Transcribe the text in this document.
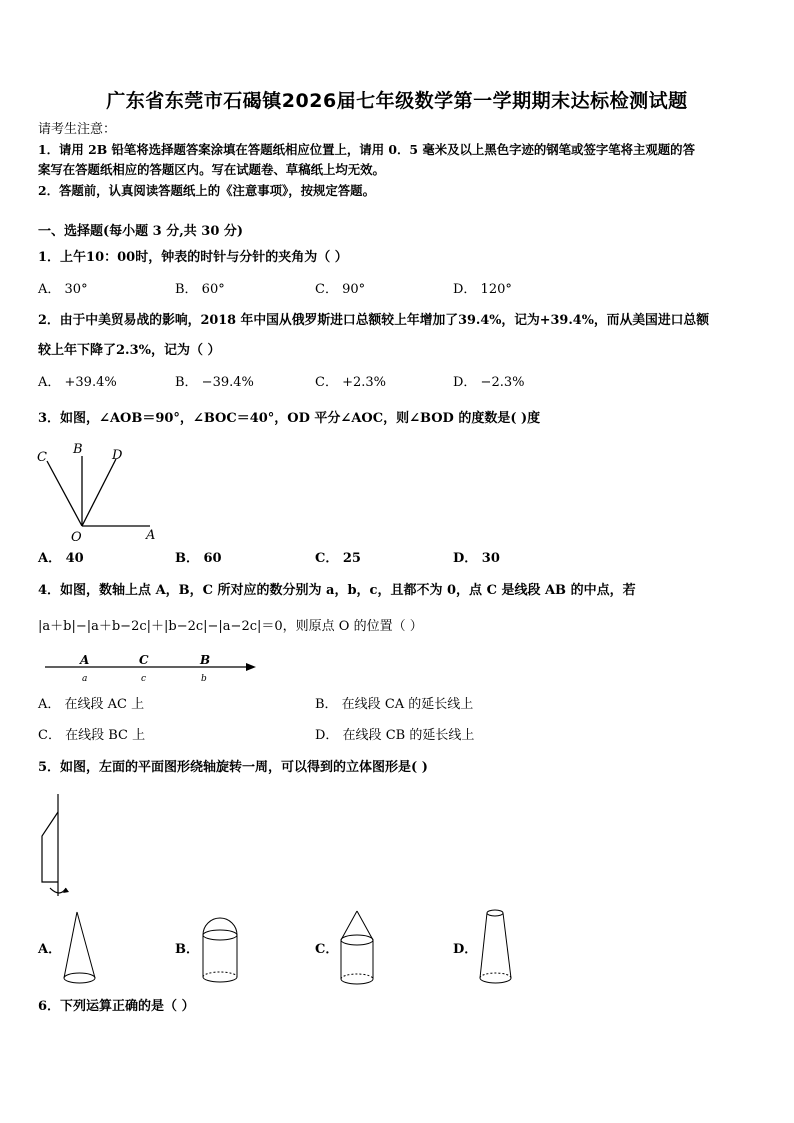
广东省东莞市石碣镇2026届七年级数学第一学期期末达标检测试题
请考生注意：
1．请用 2B 铅笔将选择题答案涂填在答题纸相应位置上，请用 0．5 毫米及以上黑色字迹的钢笔或签字笔将主观题的答
案写在答题纸相应的答题区内。写在试题卷、草稿纸上均无效。
2．答题前，认真阅读答题纸上的《注意事项》，按规定答题。
一、选择题(每小题 3 分,共 30 分)
1．上午10：00时，钟表的时针与分针的夹角为（ ）
A． 30°	B． 60°	C． 90°	D． 120°
2．由于中美贸易战的影响，2018 年中国从俄罗斯进口总额较上年增加了39.4%，记为+39.4%，而从美国进口总额
较上年下降了2.3%，记为（ ）
A． +39.4%	B． −39.4%	C． +2.3%	D． −2.3%
3．如图，∠AOB＝90°，∠BOC＝40°，OD 平分∠AOC，则∠BOD 的度数是( )度
C
B D
O	A
A． 40	B． 60	C． 25	D． 30
4．如图，数轴上点 A，B，C 所对应的数分别为 a，b，c，且都不为 0，点 C 是线段 AB 的中点，若
|a＋b|−|a＋b−2c|＋|b−2c|−|a−2c|＝0，则原点 O 的位置（ ）
A	C	B
a	c	b
A． 在线段 AC 上	B． 在线段 CA 的延长线上
C． 在线段 BC 上	D． 在线段 CB 的延长线上
5．如图，左面的平面图形绕轴旋转一周，可以得到的立体图形是( )
A．	B．	C．	D．
6．下列运算正确的是（ ）
